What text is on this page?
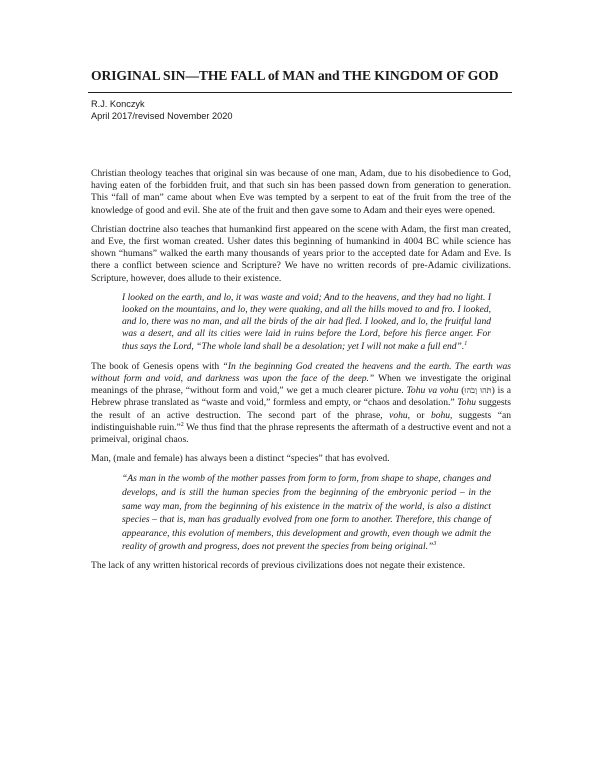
ORIGINAL SIN—THE FALL of MAN and THE KINGDOM OF GOD

R.J. Konczyk

April 2017/revised November 2020

Christian theology teaches that original sin was because of one man, Adam, due to his disobedience to God, having eaten of the forbidden fruit, and that such sin has been passed down from generation to generation. This “fall of man” came about when Eve was tempted by a serpent to eat of the fruit from the tree of the knowledge of good and evil. She ate of the fruit and then gave some to Adam and their eyes were opened.

Christian doctrine also teaches that humankind first appeared on the scene with Adam, the first man created, and Eve, the first woman created. Usher dates this beginning of humankind in 4004 BC while science has shown “humans” walked the earth many thousands of years prior to the accepted date for Adam and Eve. Is there a conflict between science and Scripture? We have no written records of pre-Adamic civilizations. Scripture, however, does allude to their existence.

I looked on the earth, and lo, it was waste and void; And to the heavens, and they had no light. I looked on the mountains, and lo, they were quaking, and all the hills moved to and fro. I looked, and lo, there was no man, and all the birds of the air had fled. I looked, and lo, the fruitful land was a desert, and all its cities were laid in ruins before the Lord, before his fierce anger. For thus says the Lord, “The whole land shall be a desolation; yet I will not make a full end”.$^1$

The book of Genesis opens with “In the beginning God created the heavens and the earth. The earth was without form and void, and darkness was upon the face of the deep.” When we investigate the original meanings of the phrase, “without form and void,” we get a much clearer picture. Tohu va vohu (תֹּהוּ וָבֹהוּ) is a Hebrew phrase translated as “waste and void,” formless and empty, or “chaos and desolation.” Tohu suggests the result of an active destruction. The second part of the phrase, vohu, or bohu, suggests “an indistinguishable ruin.”$^2$ We thus find that the phrase represents the aftermath of a destructive event and not a primeival, original chaos.

Man, (male and female) has always been a distinct “species” that has evolved.

“As man in the womb of the mother passes from form to form, from shape to shape, changes and develops, and is still the human species from the beginning of the embryonic period – in the same way man, from the beginning of his existence in the matrix of the world, is also a distinct species – that is, man has gradually evolved from one form to another. Therefore, this change of appearance, this evolution of members, this development and growth, even though we admit the reality of growth and progress, does not prevent the species from being original.”$^3$

The lack of any written historical records of previous civilizations does not negate their existence.
